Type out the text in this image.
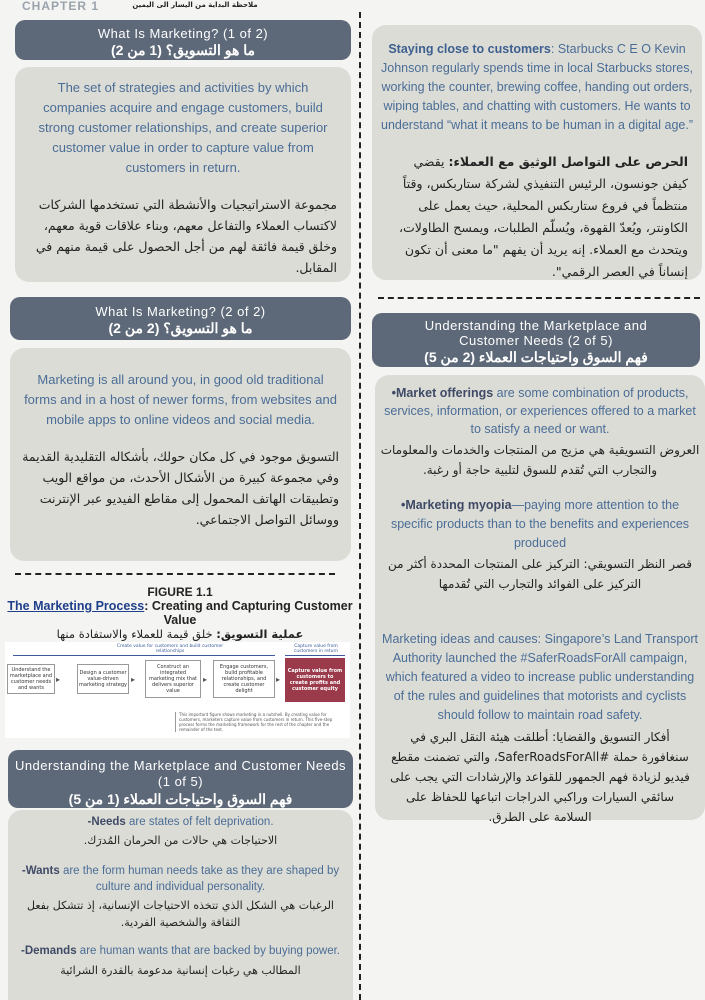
CHAPTER 1	ملاحظة البداية من اليسار الى اليمين
What Is Marketing? (1 of 2)
ما هو التسويق؟ (1 من 2)
The set of strategies and activities by which companies acquire and engage customers, build strong customer relationships, and create superior customer value in order to capture value from customers in return.
مجموعة الاستراتيجيات والأنشطة التي تستخدمها الشركات لاكتساب العملاء والتفاعل معهم، وبناء علاقات قوية معهم، وخلق قيمة فائقة لهم من أجل الحصول على قيمة منهم في المقابل.
What Is Marketing? (2 of 2)
ما هو التسويق؟ (2 من 2)
Marketing is all around you, in good old traditional forms and in a host of newer forms, from websites and mobile apps to online videos and social media.
التسويق موجود في كل مكان حولك، بأشكاله التقليدية القديمة وفي مجموعة كبيرة من الأشكال الأحدث، من مواقع الويب وتطبيقات الهاتف المحمول إلى مقاطع الفيديو عبر الإنترنت ووسائل التواصل الاجتماعي.
FIGURE 1.1
The Marketing Process: Creating and Capturing Customer Value
عملية التسويق: خلق قيمة للعملاء والاستفادة منها
Create value for customers and build customer relationships
Capture value from customers in return
Understand the marketplace and customer needs and wants
▸
Design a customer value-driven marketing strategy
▸
Construct an integrated marketing mix that delivers superior value
▸
Engage customers, build profitable relationships, and create customer delight
▸
Capture value from customers to create profits and customer equity
This important figure shows marketing in a nutshell. By creating value for customers, marketers capture value from customers in return. This five-step process forms the marketing framework for the rest of the chapter and the remainder of the text.
Understanding the Marketplace and Customer Needs (1 of 5)
فهم السوق واحتياجات العملاء (1 من 5)
-Needs are states of felt deprivation.
الاحتياجات هي حالات من الحرمان المُدرَك.
-Wants are the form human needs take as they are shaped by culture and individual personality.
الرغبات هي الشكل الذي تتخذه الاحتياجات الإنسانية، إذ تتشكل بفعل الثقافة والشخصية الفردية.
-Demands are human wants that are backed by buying power.
المطالب هي رغبات إنسانية مدعومة بالقدرة الشرائية
Staying close to customers: Starbucks C E O Kevin Johnson regularly spends time in local Starbucks stores, working the counter, brewing coffee, handing out orders, wiping tables, and chatting with customers. He wants to understand “what it means to be human in a digital age.”
الحرص على التواصل الوثيق مع العملاء: يقضي كيفن جونسون، الرئيس التنفيذي لشركة ستاربكس، وقتاً منتظماً في فروع ستاربكس المحلية، حيث يعمل على الكاونتر، ويُعدّ القهوة، ويُسلّم الطلبات، ويمسح الطاولات، ويتحدث مع العملاء. إنه يريد أن يفهم "ما معنى أن تكون إنساناً في العصر الرقمي".
Understanding the Marketplace and Customer Needs (2 of 5)
فهم السوق واحتياجات العملاء (2 من 5)
•Market offerings are some combination of products, services, information, or experiences offered to a market to satisfy a need or want.
العروض التسويقية هي مزيج من المنتجات والخدمات والمعلومات والتجارب التي تُقدم للسوق لتلبية حاجة أو رغبة.
•Marketing myopia—paying more attention to the specific products than to the benefits and experiences produced
قصر النظر التسويقي: التركيز على المنتجات المحددة أكثر من التركيز على الفوائد والتجارب التي تُقدمها
Marketing ideas and causes: Singapore’s Land Transport Authority launched the #SaferRoadsForAll campaign, which featured a video to increase public understanding of the rules and guidelines that motorists and cyclists should follow to maintain road safety.
أفكار التسويق والقضايا: أطلقت هيئة النقل البري في سنغافورة حملة #SaferRoadsForAll، والتي تضمنت مقطع فيديو لزيادة فهم الجمهور للقواعد والإرشادات التي يجب على سائقي السيارات وراكبي الدراجات اتباعها للحفاظ على السلامة على الطرق.
